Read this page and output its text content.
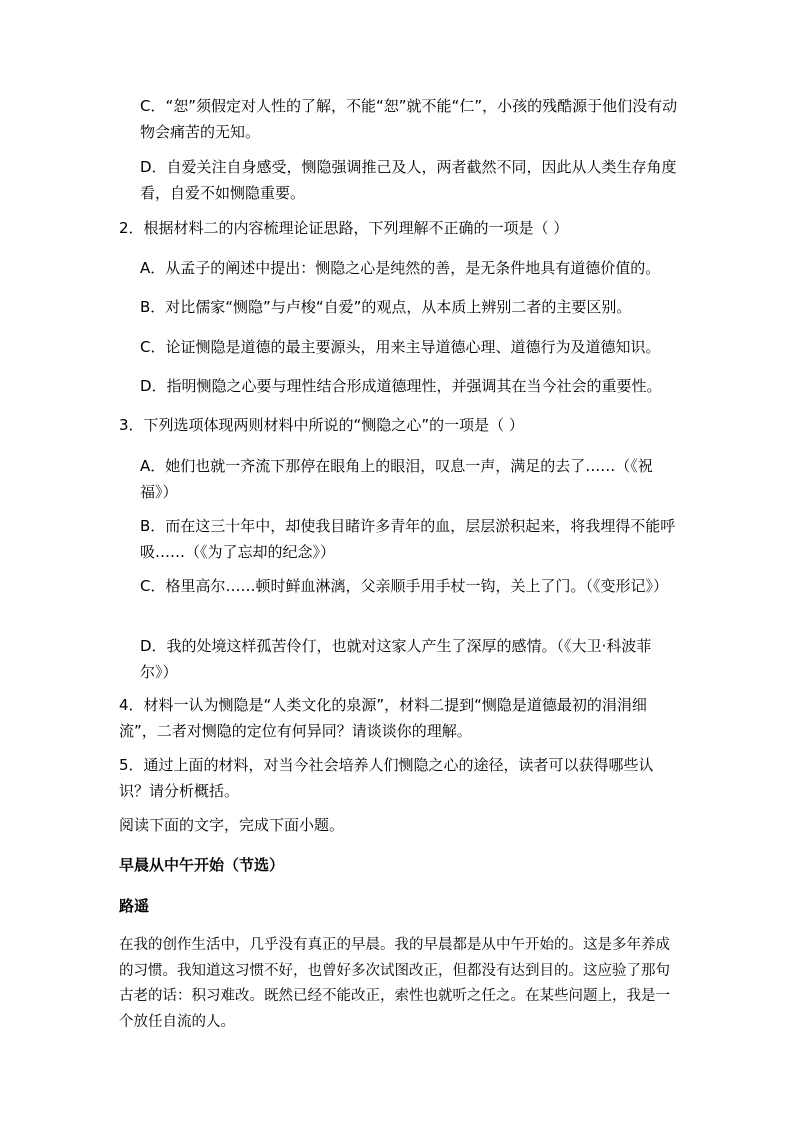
C．“恕”须假定对人性的了解，不能“恕”就不能“仁”，小孩的残酷源于他们没有动物会痛苦的无知。

D．自爱关注自身感受，恻隐强调推己及人，两者截然不同，因此从人类生存角度看，自爱不如恻隐重要。

2．根据材料二的内容梳理论证思路，下列理解不正确的一项是（ ）

A．从孟子的阐述中提出：恻隐之心是纯然的善，是无条件地具有道德价值的。

B．对比儒家“恻隐”与卢梭“自爱”的观点，从本质上辨别二者的主要区别。

C．论证恻隐是道德的最主要源头，用来主导道德心理、道德行为及道德知识。

D．指明恻隐之心要与理性结合形成道德理性，并强调其在当今社会的重要性。

3．下列选项体现两则材料中所说的“恻隐之心”的一项是（ ）

A．她们也就一齐流下那停在眼角上的眼泪，叹息一声，满足的去了……（《祝福》）

B．而在这三十年中，却使我目睹许多青年的血，层层淤积起来，将我埋得不能呼吸……（《为了忘却的纪念》）

C．格里高尔……顿时鲜血淋漓，父亲顺手用手杖一钩，关上了门。（《变形记》）

D．我的处境这样孤苦伶仃，也就对这家人产生了深厚的感情。（《大卫·科波菲尔》）

4．材料一认为恻隐是“人类文化的泉源”，材料二提到“恻隐是道德最初的涓涓细流”，二者对恻隐的定位有何异同？请谈谈你的理解。

5．通过上面的材料，对当今社会培养人们恻隐之心的途径，读者可以获得哪些认识？请分析概括。

阅读下面的文字，完成下面小题。

早晨从中午开始（节选）

路遥

在我的创作生活中，几乎没有真正的早晨。我的早晨都是从中午开始的。这是多年养成的习惯。我知道这习惯不好，也曾好多次试图改正，但都没有达到目的。这应验了那句古老的话：积习难改。既然已经不能改正，索性也就听之任之。在某些问题上，我是一个放任自流的人。
